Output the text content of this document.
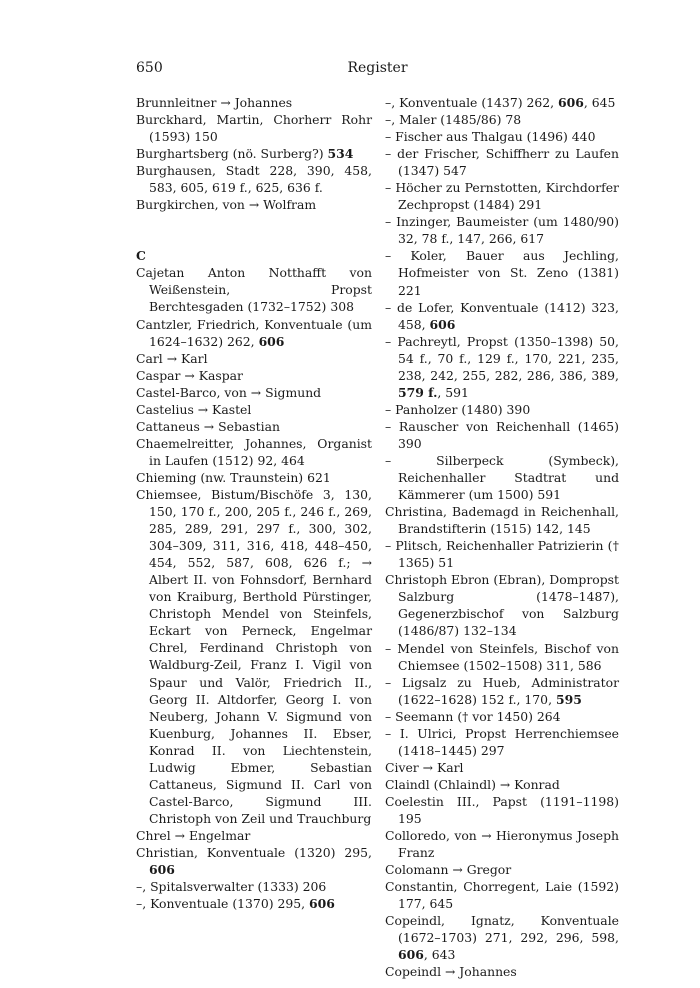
650	Register

Brunnleitner → Johannes

Burckhard, Martin, Chorherr Rohr (1593) 150

Burghartsberg (nö. Surberg?) 534

Burghausen, Stadt 228, 390, 458, 583, 605, 619 f., 625, 636 f.

Burgkirchen, von → Wolfram

C

Cajetan Anton Notthafft von Weißenstein, Propst Berchtesgaden (1732–1752) 308

Cantzler, Friedrich, Konventuale (um 1624–1632) 262, 606

Carl → Karl

Caspar → Kaspar

Castel-Barco, von → Sigmund

Castelius → Kastel

Cattaneus → Sebastian

Chaemelreitter, Johannes, Organist in Laufen (1512) 92, 464

Chieming (nw. Traunstein) 621

Chiemsee, Bistum/Bischöfe 3, 130, 150, 170 f., 200, 205 f., 246 f., 269, 285, 289, 291, 297 f., 300, 302, 304–309, 311, 316, 418, 448–450, 454, 552, 587, 608, 626 f.; → Albert II. von Fohnsdorf, Bernhard von Kraiburg, Berthold Pürstinger, Christoph Mendel von Steinfels, Eckart von Perneck, Engelmar Chrel, Ferdinand Christoph von Waldburg-Zeil, Franz I. Vigil von Spaur und Valör, Friedrich II., Georg II. Altdorfer, Georg I. von Neuberg, Johann V. Sigmund von Kuenburg, Johannes II. Ebser, Konrad II. von Liechtenstein, Ludwig Ebmer, Sebastian Cattaneus, Sigmund II. Carl von Castel-Barco, Sigmund III. Christoph von Zeil und Trauchburg

Chrel → Engelmar

Christian, Konventuale (1320) 295, 606

–, Spitalsverwalter (1333) 206

–, Konventuale (1370) 295, 606

–, Konventuale (1437) 262, 606, 645

–, Maler (1485/86) 78

– Fischer aus Thalgau (1496) 440

– der Frischer, Schiffherr zu Laufen (1347) 547

– Höcher zu Pernstotten, Kirchdorfer Zechpropst (1484) 291

– Inzinger, Baumeister (um 1480/90) 32, 78 f., 147, 266, 617

– Koler, Bauer aus Jechling, Hofmeister von St. Zeno (1381) 221

– de Lofer, Konventuale (1412) 323, 458, 606

– Pachreytl, Propst (1350–1398) 50, 54 f., 70 f., 129 f., 170, 221, 235, 238, 242, 255, 282, 286, 386, 389, 579 f., 591

– Panholzer (1480) 390

– Rauscher von Reichenhall (1465) 390

– Silberpeck (Symbeck), Reichenhaller Stadtrat und Kämmerer (um 1500) 591

Christina, Bademagd in Reichenhall, Brandstifterin (1515) 142, 145

– Plitsch, Reichenhaller Patrizierin († 1365) 51

Christoph Ebron (Ebran), Dompropst Salzburg (1478–1487), Gegenerzbischof von Salzburg (1486/87) 132–134

– Mendel von Steinfels, Bischof von Chiemsee (1502–1508) 311, 586

– Ligsalz zu Hueb, Administrator (1622–1628) 152 f., 170, 595

– Seemann († vor 1450) 264

– I. Ulrici, Propst Herrenchiemsee (1418–1445) 297

Civer → Karl

Claindl (Chlaindl) → Konrad

Coelestin III., Papst (1191–1198) 195

Colloredo, von → Hieronymus Joseph Franz

Colomann → Gregor

Constantin, Chorregent, Laie (1592) 177, 645

Copeindl, Ignatz, Konventuale (1672–1703) 271, 292, 296, 598, 606, 643

Copeindl → Johannes
